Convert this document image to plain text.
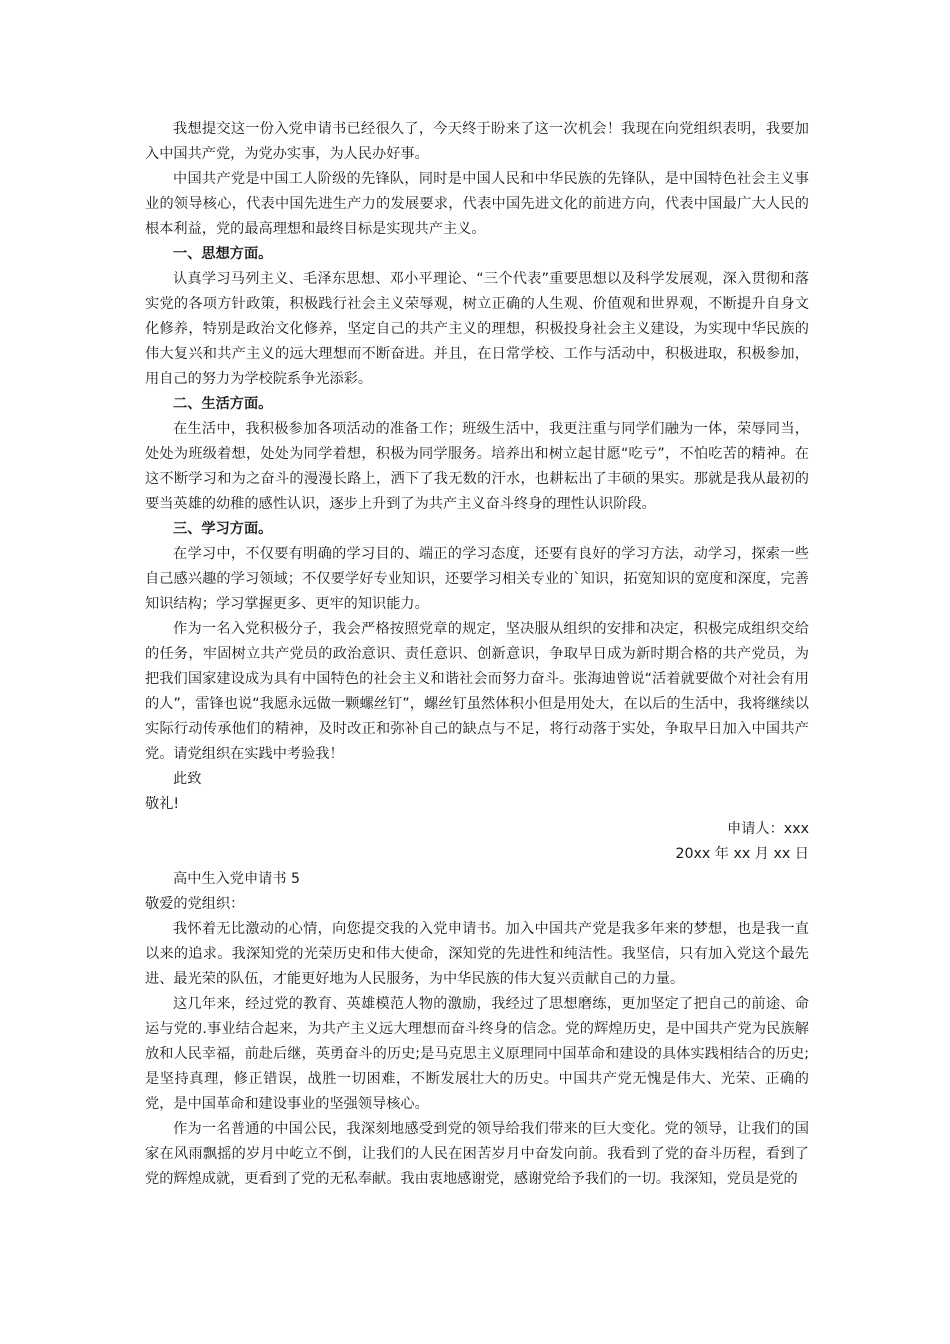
我想提交这一份入党申请书已经很久了，今天终于盼来了这一次机会！我现在向党组织表明，我要加入中国共产党，为党办实事，为人民办好事。

中国共产党是中国工人阶级的先锋队，同时是中国人民和中华民族的先锋队，是中国特色社会主义事业的领导核心，代表中国先进生产力的发展要求，代表中国先进文化的前进方向，代表中国最广大人民的根本利益，党的最高理想和最终目标是实现共产主义。

一、思想方面。

认真学习马列主义、毛泽东思想、邓小平理论、“三个代表”重要思想以及科学发展观，深入贯彻和落实党的各项方针政策，积极践行社会主义荣辱观，树立正确的人生观、价值观和世界观，不断提升自身文化修养，特别是政治文化修养，坚定自己的共产主义的理想，积极投身社会主义建设，为实现中华民族的伟大复兴和共产主义的远大理想而不断奋进。并且，在日常学校、工作与活动中，积极进取，积极参加，用自己的努力为学校院系争光添彩。

二、生活方面。

在生活中，我积极参加各项活动的准备工作；班级生活中，我更注重与同学们融为一体，荣辱同当，处处为班级着想，处处为同学着想，积极为同学服务。培养出和树立起甘愿“吃亏”，不怕吃苦的精神。在这不断学习和为之奋斗的漫漫长路上，洒下了我无数的汗水，也耕耘出了丰硕的果实。那就是我从最初的要当英雄的幼稚的感性认识，逐步上升到了为共产主义奋斗终身的理性认识阶段。

三、学习方面。

在学习中，不仅要有明确的学习目的、端正的学习态度，还要有良好的学习方法，动学习，探索一些自己感兴趣的学习领域；不仅要学好专业知识，还要学习相关专业的`知识，拓宽知识的宽度和深度，完善知识结构；学习掌握更多、更牢的知识能力。

作为一名入党积极分子，我会严格按照党章的规定，坚决服从组织的安排和决定，积极完成组织交给的任务，牢固树立共产党员的政治意识、责任意识、创新意识，争取早日成为新时期合格的共产党员，为把我们国家建设成为具有中国特色的社会主义和谐社会而努力奋斗。张海迪曾说“活着就要做个对社会有用的人”，雷锋也说“我愿永远做一颗螺丝钉”，螺丝钉虽然体积小但是用处大，在以后的生活中，我将继续以实际行动传承他们的精神，及时改正和弥补自己的缺点与不足，将行动落于实处，争取早日加入中国共产党。请党组织在实践中考验我！

此致

敬礼!

申请人：xxx

20xx 年 xx 月 xx 日

高中生入党申请书 5

敬爱的党组织：

我怀着无比激动的心情，向您提交我的入党申请书。加入中国共产党是我多年来的梦想，也是我一直以来的追求。我深知党的光荣历史和伟大使命，深知党的先进性和纯洁性。我坚信，只有加入党这个最先进、最光荣的队伍，才能更好地为人民服务，为中华民族的伟大复兴贡献自己的力量。

这几年来，经过党的教育、英雄模范人物的激励，我经过了思想磨练，更加坚定了把自己的前途、命运与党的.事业结合起来，为共产主义远大理想而奋斗终身的信念。党的辉煌历史，是中国共产党为民族解放和人民幸福，前赴后继，英勇奋斗的历史;是马克思主义原理同中国革命和建设的具体实践相结合的历史;是坚持真理，修正错误，战胜一切困难，不断发展壮大的历史。中国共产党无愧是伟大、光荣、正确的党，是中国革命和建设事业的坚强领导核心。

作为一名普通的中国公民，我深刻地感受到党的领导给我们带来的巨大变化。党的领导，让我们的国家在风雨飘摇的岁月中屹立不倒，让我们的人民在困苦岁月中奋发向前。我看到了党的奋斗历程，看到了党的辉煌成就，更看到了党的无私奉献。我由衷地感谢党，感谢党给予我们的一切。我深知，党员是党的
